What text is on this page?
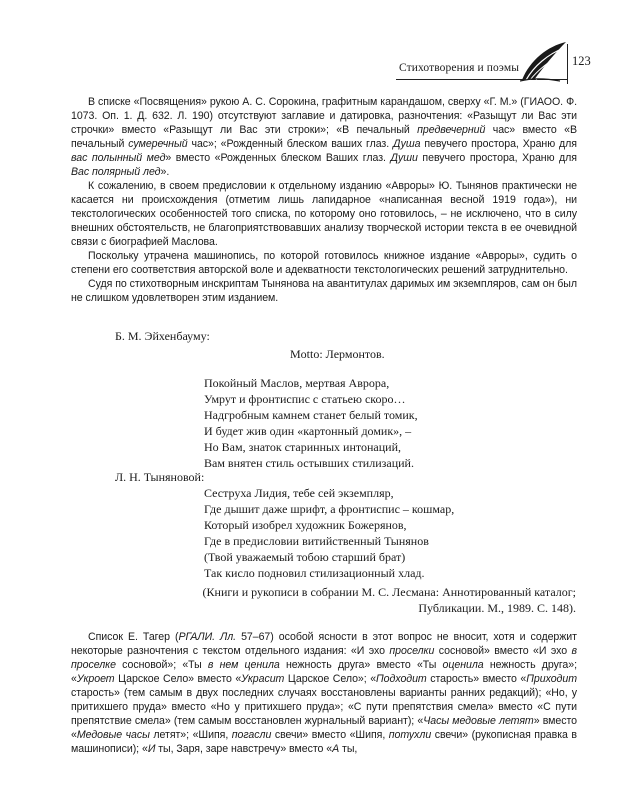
Стихотворения и поэмы	123

В списке «Посвящения» рукою А. С. Сорокина, графитным карандашом, сверху «Г. М.» (ГИАОО. Ф. 1073. Оп. 1. Д. 632. Л. 190) отсутствуют заглавие и датировка, разночтения: «Разыщут ли Вас эти строчки» вместо «Разыщут ли Вас эти строки»; «В печальный предвечерний час» вместо «В печальный сумеречный час»; «Рожденный блеском ваших глаз. Душа певучего простора, Храню для вас полынный мед» вместо «Рожденных блеском Ваших глаз. Души певучего простора, Храню для Вас полярный лед».

К сожалению, в своем предисловии к отдельному изданию «Авроры» Ю. Тынянов практически не касается ни происхождения (отметим лишь лапидарное «написанная весной 1919 года»), ни текстологических особенностей того списка, по которому оно готовилось, – не исключено, что в силу внешних обстоятельств, не благоприятствовавших анализу творческой истории текста в ее очевидной связи с биографией Маслова.

Поскольку утрачена машинопись, по которой готовилось книжное издание «Авроры», судить о степени его соответствия авторской воле и адекватности текстологических решений затруднительно.

Судя по стихотворным инскриптам Тынянова на авантитулах даримых им экземпляров, сам он был не слишком удовлетворен этим изданием.

Б. М. Эйхенбауму:
Motto: Лермонтов.
Покойный Маслов, мертвая Аврора,
Умрут и фронтиспис с статьею скоро…
Надгробным камнем станет белый томик,
И будет жив один «картонный домик», –
Но Вам, знаток старинных интонаций,
Вам внятен стиль остывших стилизаций.
Л. Н. Тыняновой:
Сеструха Лидия, тебе сей экземпляр,
Где дышит даже шрифт, а фронтиспис – кошмар,
Который изобрел художник Божерянов,
Где в предисловии витийственный Тынянов
(Твой уважаемый тобою старший брат)
Так кисло подновил стилизационный хлад.
(Книги и рукописи в собрании М. С. Лесмана: Аннотированный каталог;
Публикации. М., 1989. С. 148).

Список Е. Тагер (РГАЛИ. Лл. 57–67) особой ясности в этот вопрос не вносит, хотя и содержит некоторые разночтения с текстом отдельного издания: «И эхо проселки сосновой» вместо «И эхо в проселке сосновой»; «Ты в нем ценила нежность друга» вместо «Ты оценила нежность друга»; «Укроет Царское Село» вместо «Украсит Царское Село»; «Подходит старость» вместо «Приходит старость» (тем самым в двух последних случаях восстановлены варианты ранних редакций); «Но, у притихшего пруда» вместо «Но у притихшего пруда»; «С пути препятствия смела» вместо «С пути препятствие смела» (тем самым восстановлен журнальный вариант); «Часы медовые летят» вместо «Медовые часы летят»; «Шипя, погасли свечи» вместо «Шипя, потухли свечи» (рукописная правка в машинописи); «И ты, Заря, заре навстречу» вместо «А ты,
